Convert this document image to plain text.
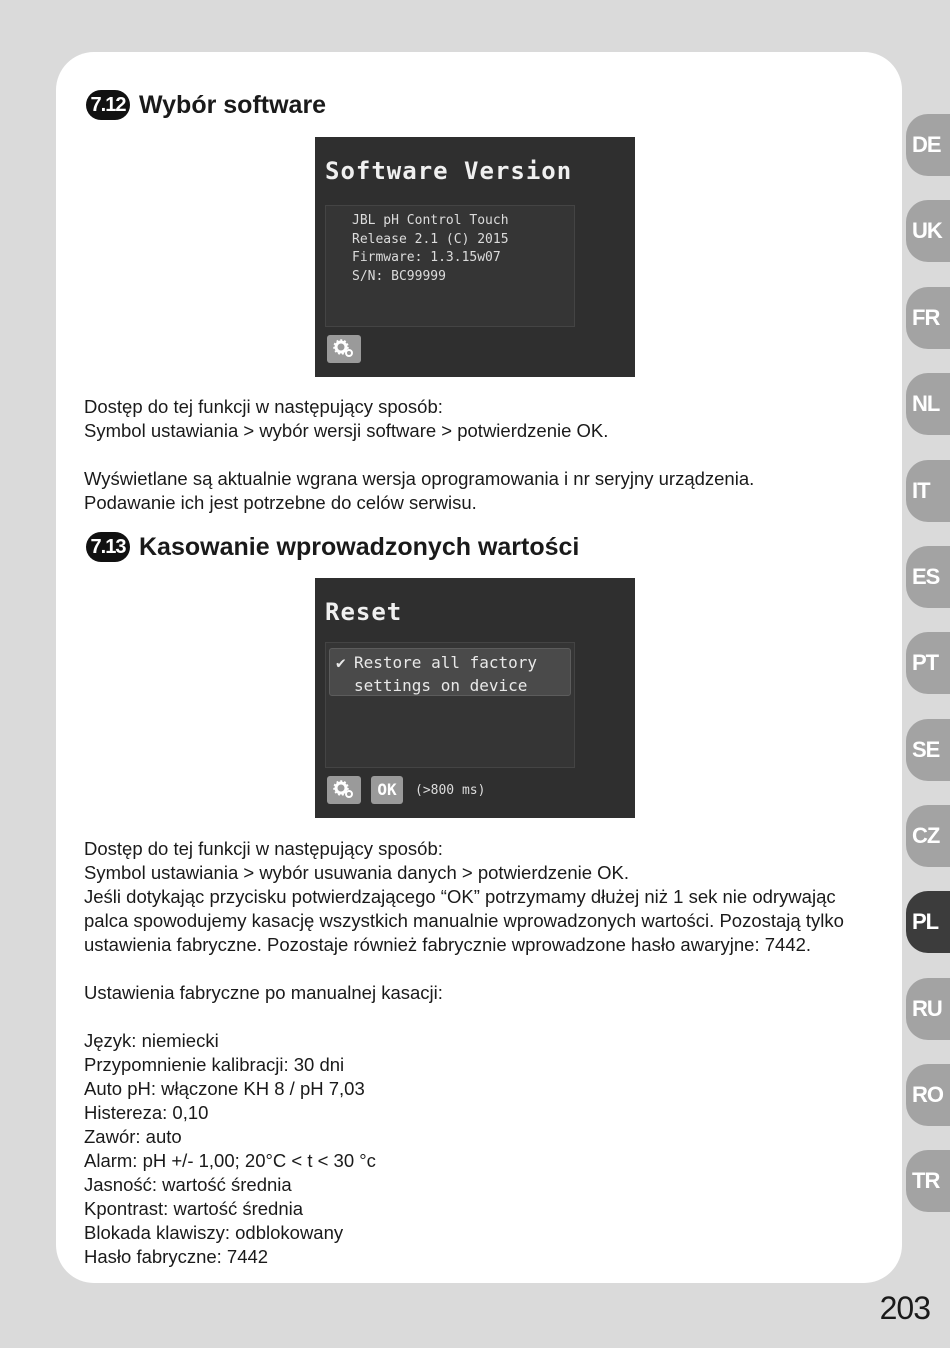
7.12 Wybór software
Software Version
JBL pH Control Touch
Release 2.1 (C) 2015
Firmware: 1.3.15w07
S/N: BC99999

Dostęp do tej funkcji w następujący sposób:

Symbol ustawiania > wybór wersji software > potwierdzenie OK.

Wyświetlane są aktualnie wgrana wersja oprogramowania i nr seryjny urządzenia.

Podawanie ich jest potrzebne do celów serwisu.

7.13 Kasowanie wprowadzonych wartości
Reset
✔ Restore all factory
settings on device
OK	(>800 ms)

Dostęp do tej funkcji w następujący sposób:

Symbol ustawiania > wybór usuwania danych > potwierdzenie OK.

Jeśli dotykając przycisku potwierdzającego “OK” potrzymamy dłużej niż 1 sek nie odrywając

palca spowodujemy kasację wszystkich manualnie wprowadzonych wartości. Pozostają tylko

ustawienia fabryczne. Pozostaje również fabrycznie wprowadzone hasło awaryjne: 7442.

Ustawienia fabryczne po manualnej kasacji:

Język: niemiecki

Przypomnienie kalibracji: 30 dni

Auto pH: włączone KH 8 / pH 7,03

Histereza: 0,10

Zawór: auto

Alarm: pH +/- 1,00; 20°C < t < 30 °c

Jasność: wartość średnia

Kpontrast: wartość średnia

Blokada klawiszy: odblokowany

Hasło fabryczne: 7442

DE
UK
FR
NL
IT
ES
PT
SE
CZ
PL
RU
RO
TR
203
